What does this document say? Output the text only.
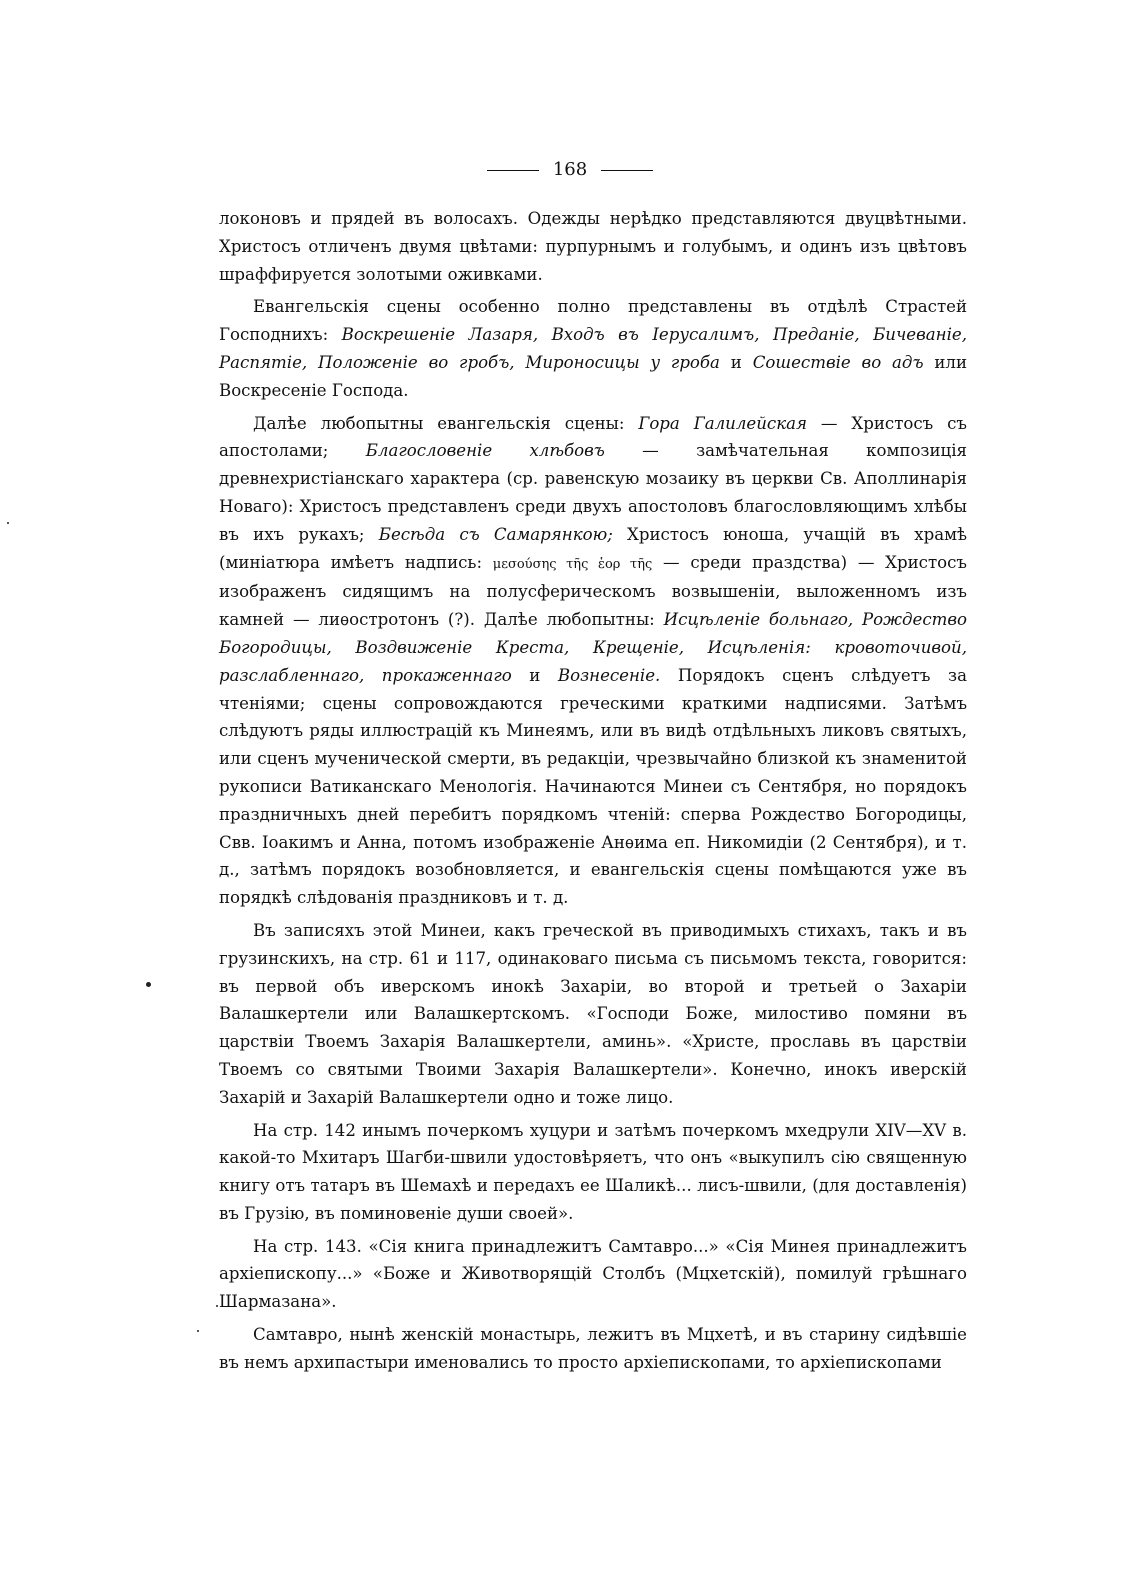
168

локоновъ и прядей въ волосахъ. Одежды нерѣдко представляются двуцвѣтными. Христосъ отличенъ двумя цвѣтами: пурпурнымъ и голубымъ, и одинъ изъ цвѣтовъ шраффируется золотыми оживками.

Евангельскія сцены особенно полно представлены въ отдѣлѣ Страстей Господнихъ: Воскрешеніе Лазаря, Входъ въ Іерусалимъ, Преданіе, Бичеваніе, Распятіе, Положеніе во гробъ, Мироносицы у гроба и Сошествіе во адъ или Воскресеніе Господа.

Далѣе любопытны евангельскія сцены: Гора Галилейская — Христосъ съ апостолами; Благословеніе хлѣбовъ — замѣчательная композиція древнехристіанскаго характера (ср. равенскую мозаику въ церкви Св. Аполлинарія Новаго): Христосъ представленъ среди двухъ апостоловъ благословляющимъ хлѣбы въ ихъ рукахъ; Бесѣда съ Самарянкою; Христосъ юноша, учащій въ храмѣ (миніатюра имѣетъ надпись: μεσούσης τῆς ἑορ τῆς — среди праздства) — Христосъ изображенъ сидящимъ на полусферическомъ возвышеніи, выложенномъ изъ камней — лиѳостротонъ (?). Далѣе любопытны: Исцѣленіе больнаго, Рождество Богородицы, Воздвиженіе Креста, Крещеніе, Исцѣленія: кровоточивой, разслабленнаго, прокаженнаго и Вознесеніе. Порядокъ сценъ слѣдуетъ за чтеніями; сцены сопровождаются греческими краткими надписями. Затѣмъ слѣдуютъ ряды иллюстрацій къ Минеямъ, или въ видѣ отдѣльныхъ ликовъ святыхъ, или сценъ мученической смерти, въ редакціи, чрезвычайно близкой къ знаменитой рукописи Ватиканскаго Менологія. Начинаются Минеи съ Сентября, но порядокъ праздничныхъ дней перебитъ порядкомъ чтеній: сперва Рождество Богородицы, Свв. Іоакимъ и Анна, потомъ изображеніе Анѳима еп. Никомидіи (2 Сентября), и т. д., затѣмъ порядокъ возобновляется, и евангельскія сцены помѣщаются уже въ порядкѣ слѣдованія праздниковъ и т. д.

Въ записяхъ этой Минеи, какъ греческой въ приводимыхъ стихахъ, такъ и въ грузинскихъ, на стр. 61 и 117, одинаковаго письма съ письмомъ текста, говорится: въ первой объ иверскомъ инокѣ Захаріи, во второй и третьей о Захаріи Валашкертели или Валашкертскомъ. «Господи Боже, милостиво помяни въ царствіи Твоемъ Захарія Валашкертели, аминь». «Христе, прославь въ царствіи Твоемъ со святыми Твоими Захарія Валашкертели». Конечно, инокъ иверскій Захарій и Захарій Валашкертели одно и тоже лицо.

На стр. 142 инымъ почеркомъ хуцури и затѣмъ почеркомъ мхедрули XIV—XV в. какой-то Мхитаръ Шагби-швили удостовѣряетъ, что онъ «выкупилъ сію священную книгу отъ татаръ въ Шемахѣ и передахъ ее Шаликѣ... лисъ-швили, (для доставленія) въ Грузію, въ поминовеніе души своей».

На стр. 143. «Сія книга принадлежитъ Самтавро...» «Сія Минея принадлежитъ архіепископу...» «Боже и Животворящій Столбъ (Мцхетскій), помилуй грѣшнаго Шармазана».

Самтавро, нынѣ женскій монастырь, лежитъ въ Мцхетѣ, и въ старину сидѣвшіе въ немъ архипастыри именовались то просто архіепископами, то архіепископами
